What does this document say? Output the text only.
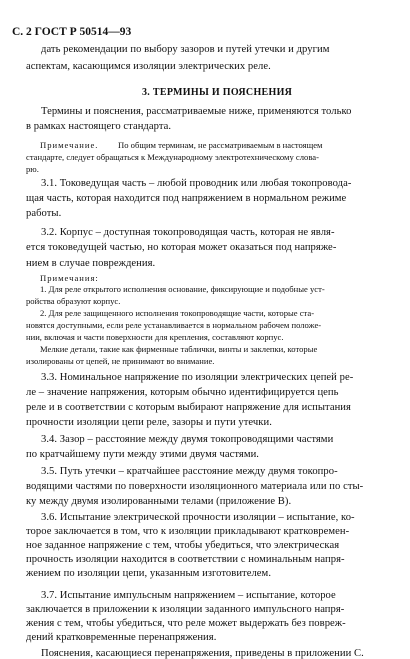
С. 2 ГОСТ Р 50514—93
дать рекомендации по выбору зазоров и путей утечки и другим
аспектам, касающимся изоляции электрических реле.
3. ТЕРМИНЫ И ПОЯСНЕНИЯ
Термины и пояснения, рассматриваемые ниже, применяются только
в рамках настоящего стандарта.
Примечание. По общим терминам, не рассматриваемым в настоящем
стандарте, следует обращаться к Международному электротехническому слова-
рю.
3.1. Токоведущая часть – любой проводник или любая токопровода-
щая часть, которая находится под напряжением в нормальном режиме
работы.
3.2. Корпус – доступная токопроводящая часть, которая не явля-
ется токоведущей частью, но которая может оказаться под напряже-
нием в случае повреждения.
Примечания:
1. Для реле открытого исполнения основание, фиксирующие и подобные уст-
ройства образуют корпус.
2. Для реле защищенного исполнения токопроводящие части, которые ста-
новятся доступными, если реле устанавливается в нормальном рабочем положе-
нии, включая и части поверхности для крепления, составляют корпус.
Мелкие детали, такие как фирменные таблички, винты и заклепки, которые
изолированы от цепей, не принимают во внимание.
3.3. Номинальное напряжение по изоляции электрических цепей ре-
ле – значение напряжения, которым обычно идентифицируется цепь
реле и в соответствии с которым выбирают напряжение для испытания
прочности изоляции цепи реле, зазоры и пути утечки.
3.4. Зазор – расстояние между двумя токопроводящими частями
по кратчайшему пути между этими двумя частями.
3.5. Путь утечки – кратчайшее расстояние между двумя токопро-
водящими частями по поверхности изоляционного материала или по сты-
ку между двумя изолированными телами (приложение В).
3.6. Испытание электрической прочности изоляции – испытание, ко-
торое заключается в том, что к изоляции прикладывают кратковремен-
ное заданное напряжение с тем, чтобы убедиться, что электрическая
прочность изоляции находится в соответствии с номинальным напря-
жением по изоляции цепи, указанным изготовителем.
3.7. Испытание импульсным напряжением – испытание, которое
заключается в приложении к изоляции заданного импульсного напря-
жения с тем, чтобы убедиться, что реле может выдержать без повреж-
дений кратковременные перенапряжения.
Пояснения, касающиеся перенапряжения, приведены в приложении С.
